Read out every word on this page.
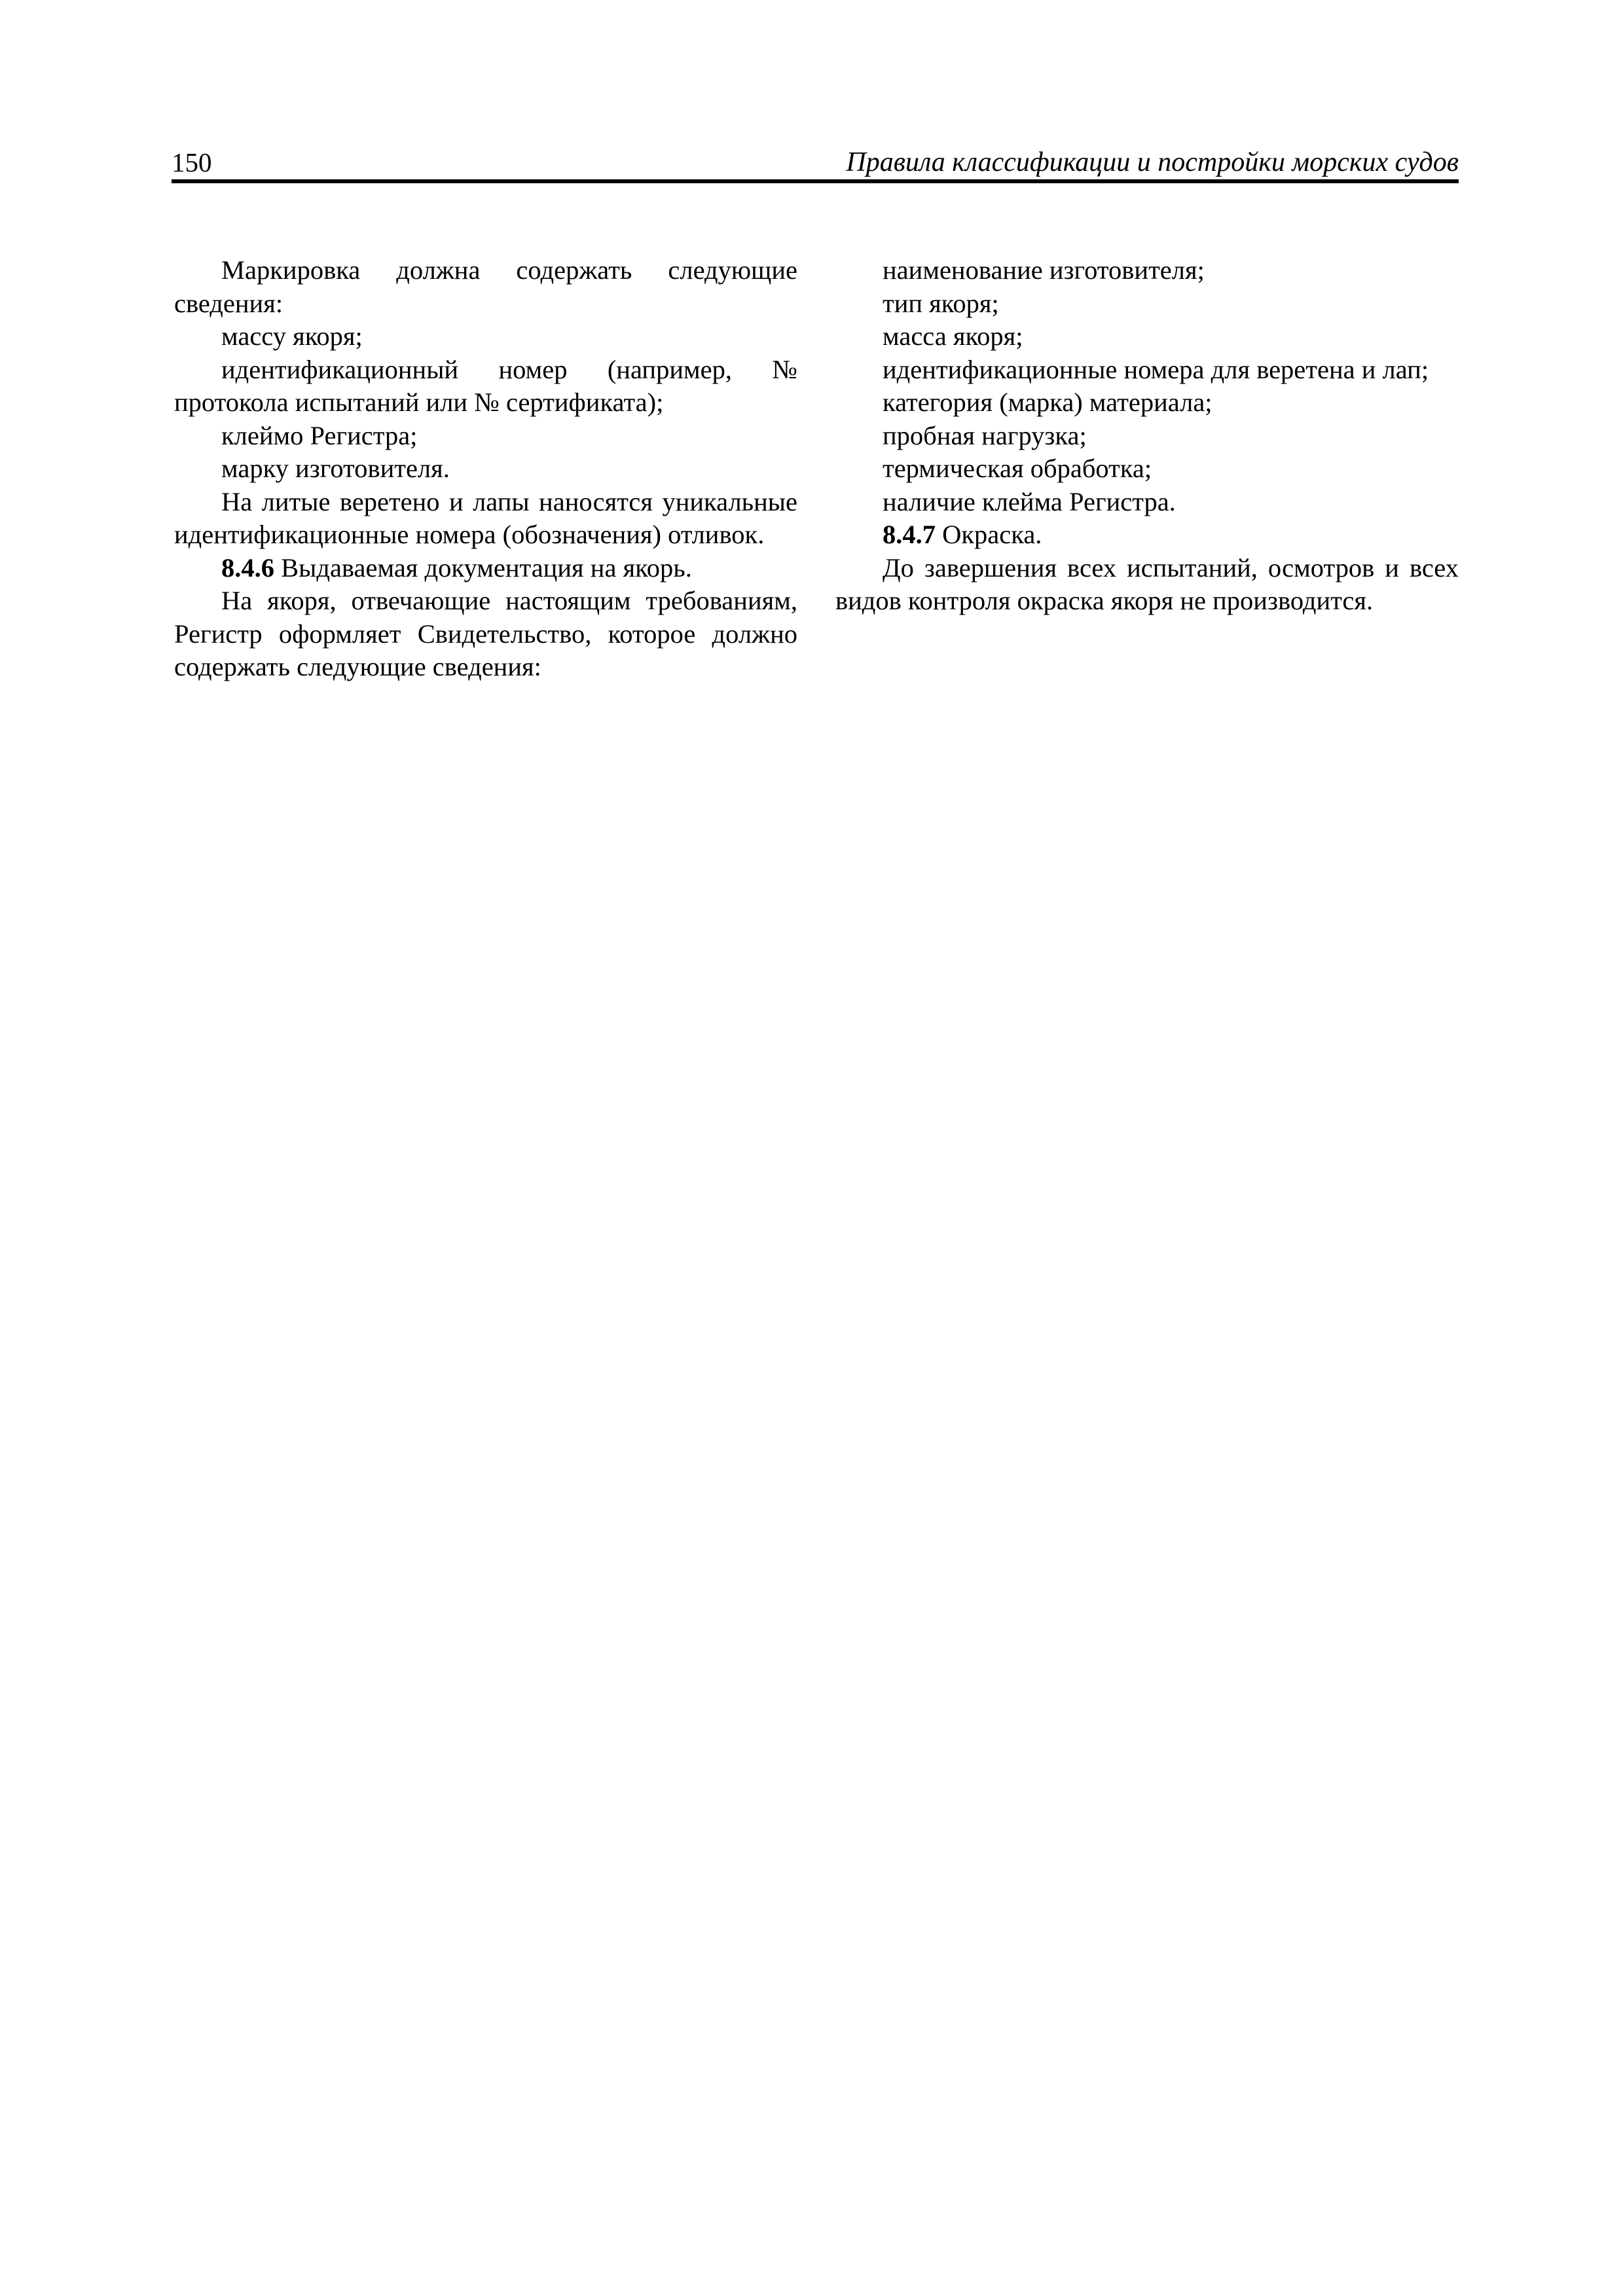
150	Правила классификации и постройки морских судов

Маркировка должна содержать следующие сведения:

массу якоря;

идентификационный номер (например, № протокола испытаний или № сертификата);

клеймо Регистра;

марку изготовителя.

На литые веретено и лапы наносятся уникальные идентификационные номера (обозначения) отливок.

8.4.6 Выдаваемая документация на якорь.

На якоря, отвечающие настоящим требованиям, Регистр оформляет Свидетельство, которое должно содержать следующие сведения:

наименование изготовителя;

тип якоря;

масса якоря;

идентификационные номера для веретена и лап;

категория (марка) материала;

пробная нагрузка;

термическая обработка;

наличие клейма Регистра.

8.4.7 Окраска.

До завершения всех испытаний, осмотров и всех видов контроля окраска якоря не производится.
